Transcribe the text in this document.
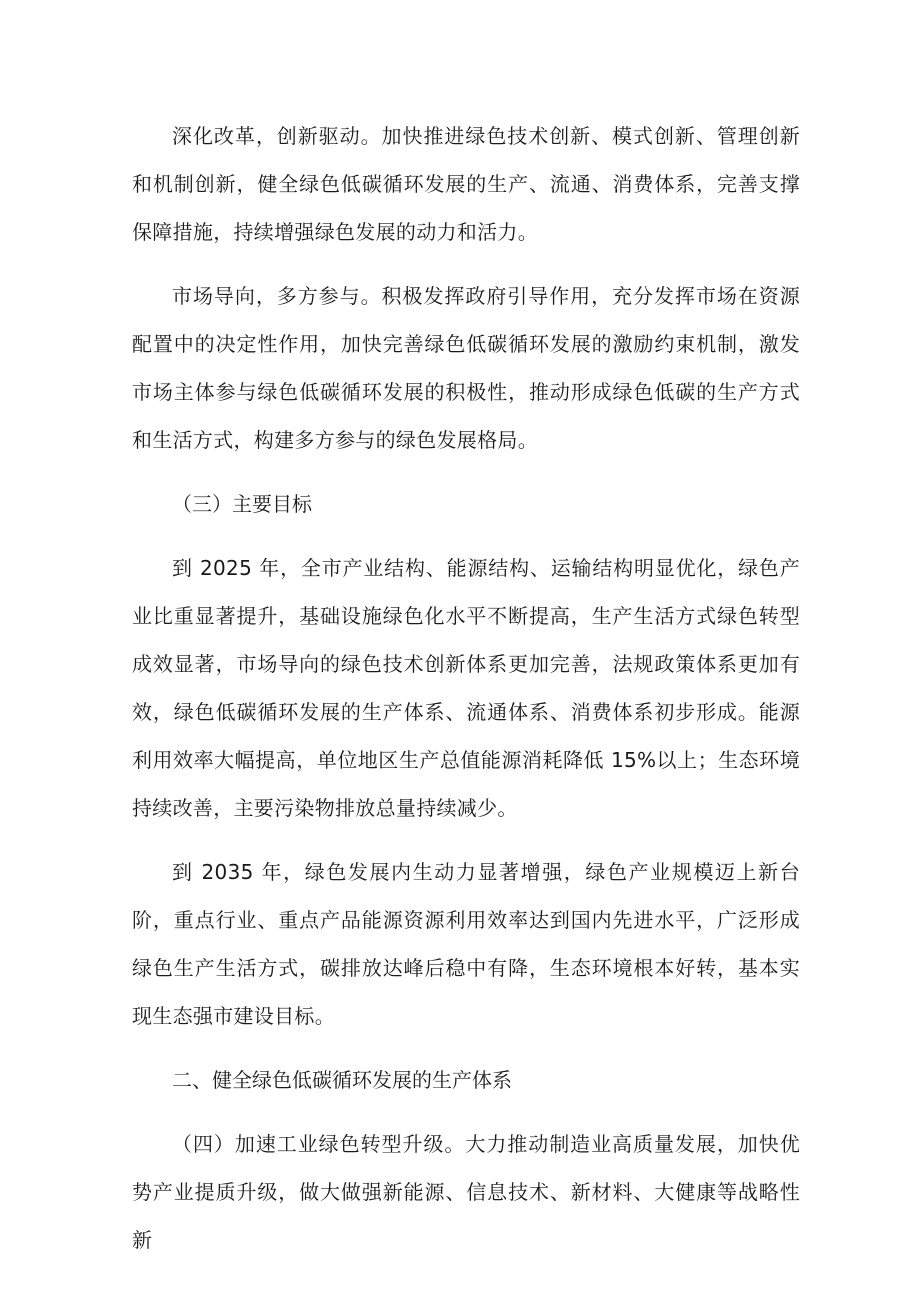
深化改革，创新驱动。加快推进绿色技术创新、模式创新、管理创新和机制创新，健全绿色低碳循环发展的生产、流通、消费体系，完善支撑保障措施，持续增强绿色发展的动力和活力。

市场导向，多方参与。积极发挥政府引导作用，充分发挥市场在资源配置中的决定性作用，加快完善绿色低碳循环发展的激励约束机制，激发市场主体参与绿色低碳循环发展的积极性，推动形成绿色低碳的生产方式和生活方式，构建多方参与的绿色发展格局。

（三）主要目标

到 2025 年，全市产业结构、能源结构、运输结构明显优化，绿色产业比重显著提升，基础设施绿色化水平不断提高，生产生活方式绿色转型成效显著，市场导向的绿色技术创新体系更加完善，法规政策体系更加有效，绿色低碳循环发展的生产体系、流通体系、消费体系初步形成。能源利用效率大幅提高，单位地区生产总值能源消耗降低 15%以上；生态环境持续改善，主要污染物排放总量持续减少。

到 2035 年，绿色发展内生动力显著增强，绿色产业规模迈上新台阶，重点行业、重点产品能源资源利用效率达到国内先进水平，广泛形成绿色生产生活方式，碳排放达峰后稳中有降，生态环境根本好转，基本实现生态强市建设目标。

二、健全绿色低碳循环发展的生产体系

（四）加速工业绿色转型升级。大力推动制造业高质量发展，加快优势产业提质升级，做大做强新能源、信息技术、新材料、大健康等战略性新
